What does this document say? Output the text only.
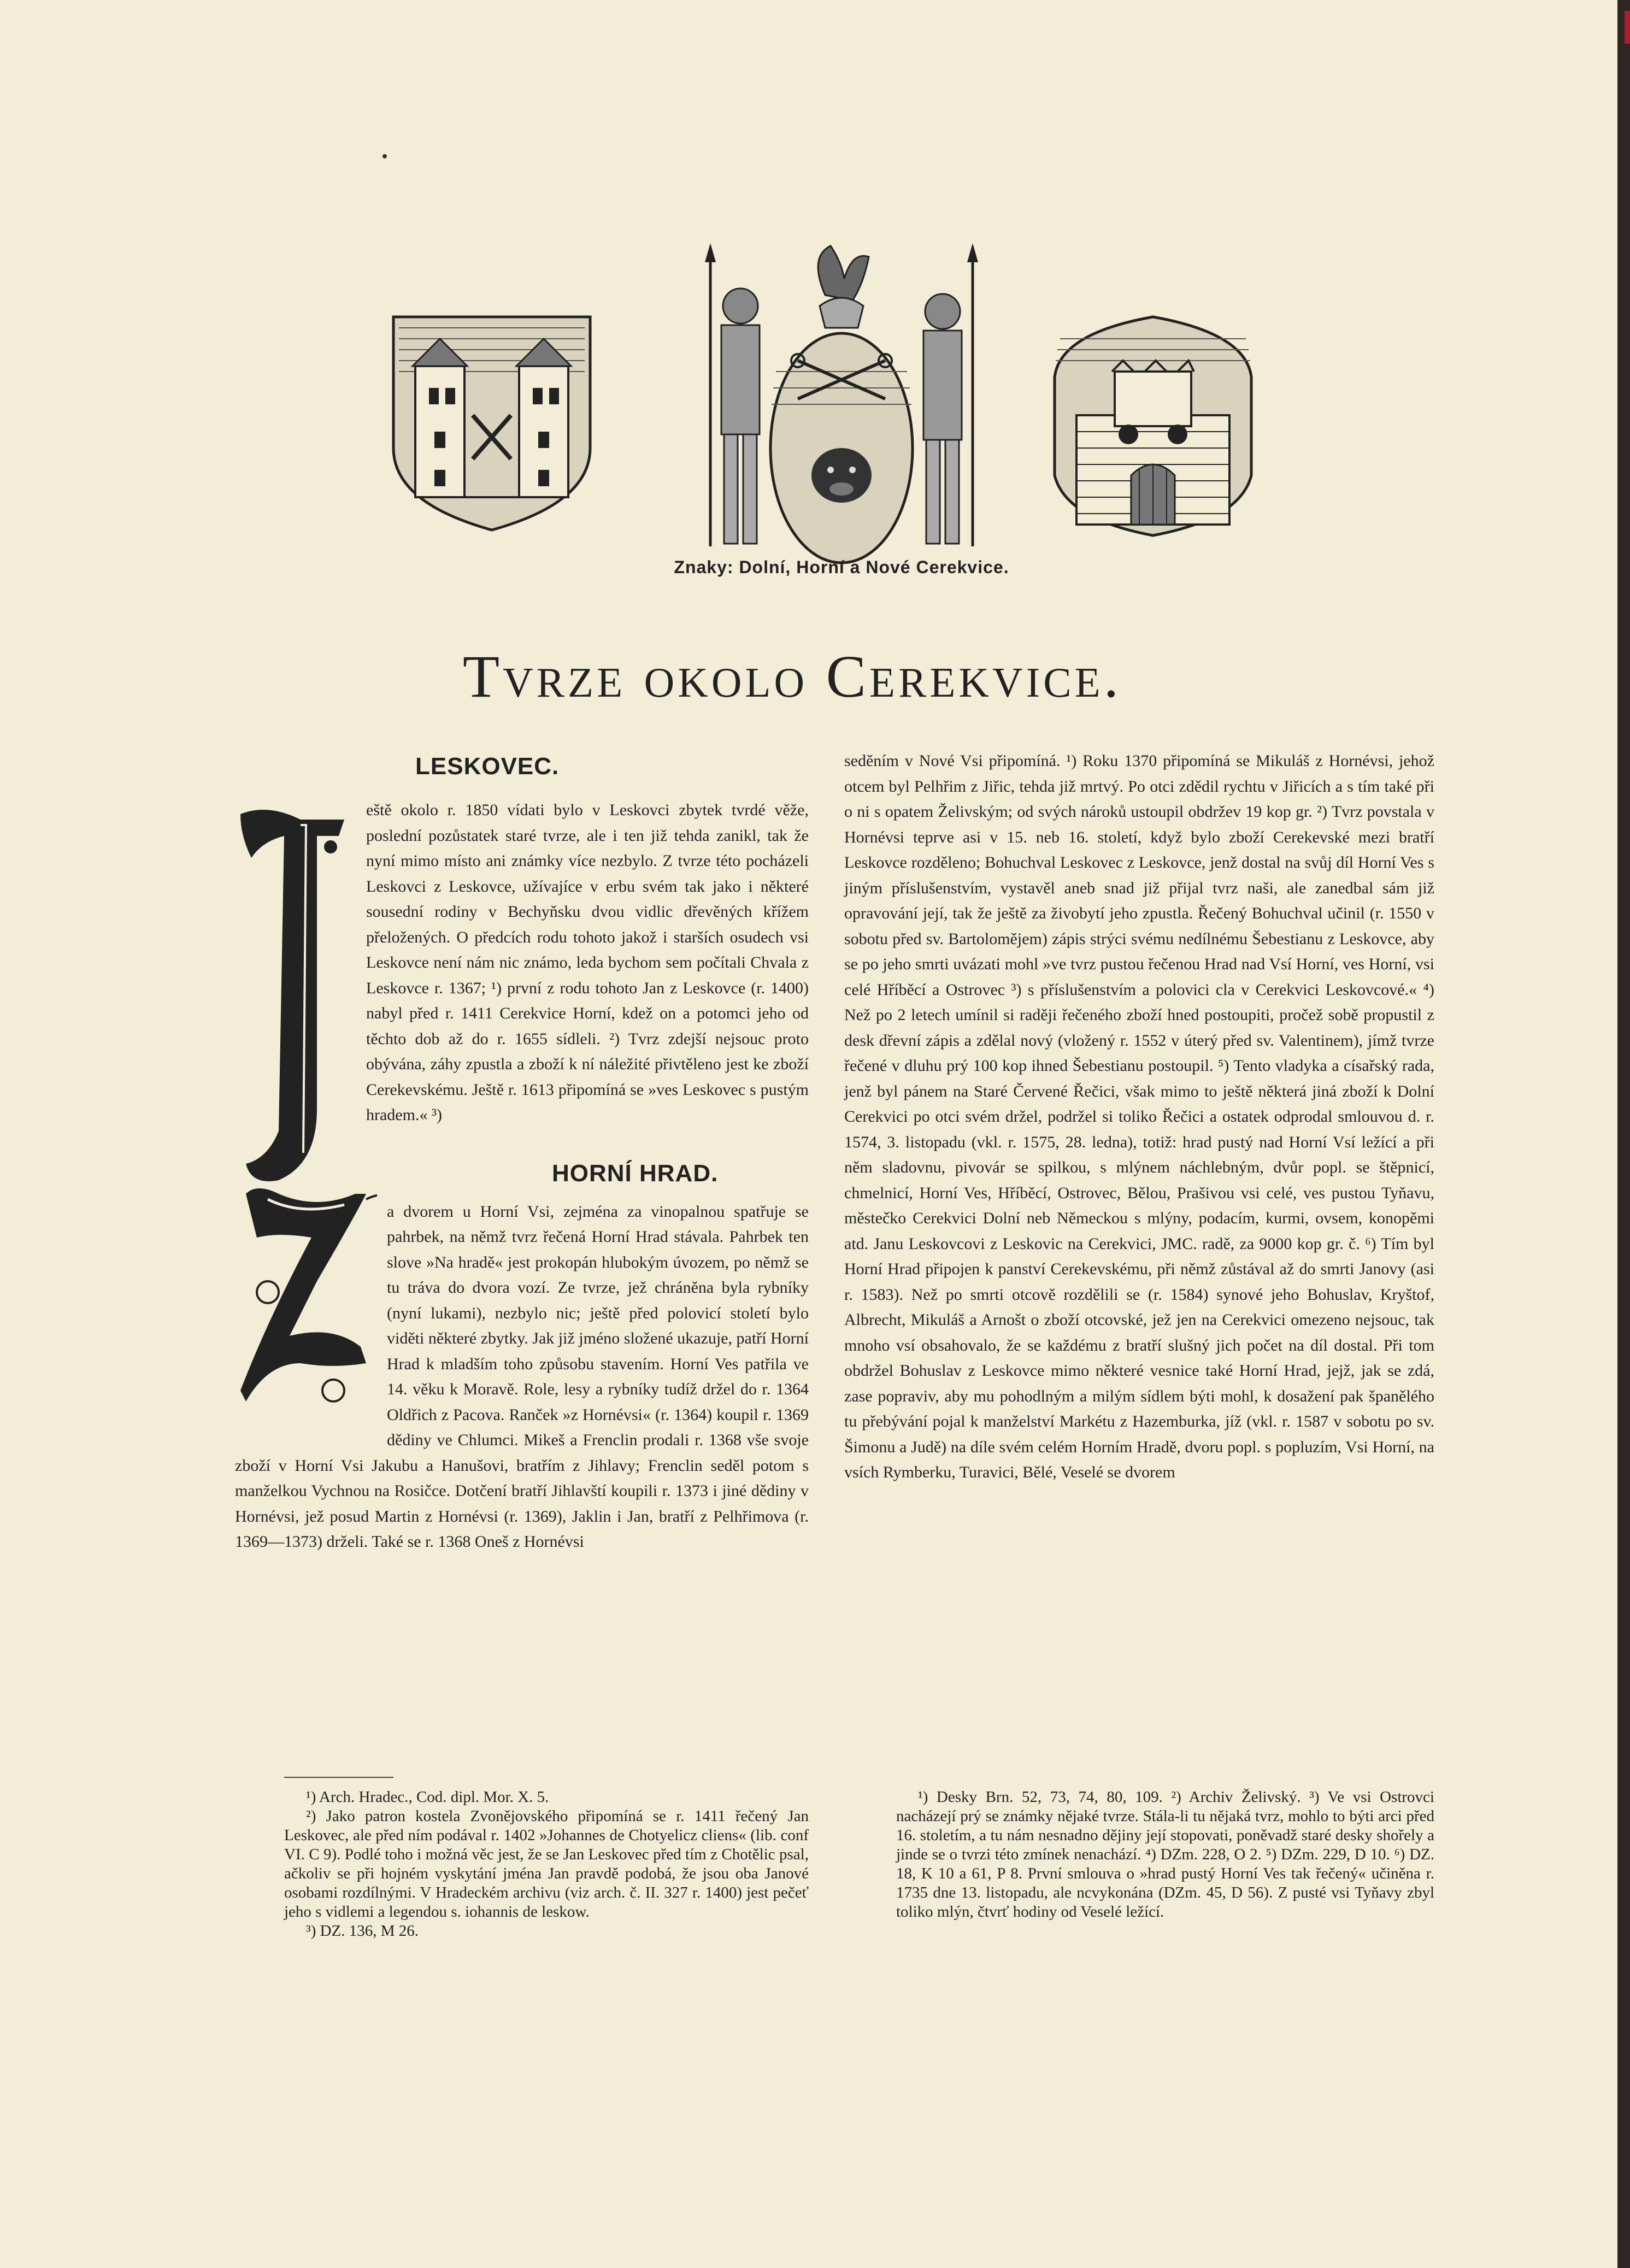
Znaky: Dolní, Horní a Nové Cerekvice.
Tvrze okolo Cerekvice.
LESKOVEC.

eště okolo r. 1850 vídati bylo v Leskovci zbytek tvrdé věže, poslední pozůstatek staré tvrze, ale i ten již tehda zanikl, tak že nyní mimo místo ani známky více nezbylo. Z tvrze této pocházeli Leskovci z Leskovce, užívajíce v erbu svém tak jako i některé sousední rodiny v Bechyňsku dvou vidlic dřevěných křížem přeložených. O předcích rodu tohoto jakož i starších osudech vsi Leskovce není nám nic známo, leda bychom sem počítali Chvala z Leskovce r. 1367; ¹) první z rodu tohoto Jan z Leskovce (r. 1400) nabyl před r. 1411 Cerekvice Horní, kdež on a potomci jeho od těchto dob až do r. 1655 sídleli. ²) Tvrz zdejší nejsouc proto obývána, záhy zpustla a zboží k ní náležité přivtěleno jest ke zboží Cerekevskému. Ještě r. 1613 připomíná se »ves Leskovec s pustým hradem.« ³)

HORNÍ HRAD.

a dvorem u Horní Vsi, zejména za vinopalnou spatřuje se pahrbek, na němž tvrz řečená Horní Hrad stávala. Pahrbek ten slove »Na hradě« jest prokopán hlubokým úvozem, po němž se tu tráva do dvora vozí. Ze tvrze, jež chráněna byla rybníky (nyní lukami), nezbylo nic; ještě před polovicí století bylo viděti některé zbytky. Jak již jméno složené ukazuje, patří Horní Hrad k mladším toho způsobu stavením. Horní Ves patřila ve 14. věku k Moravě. Role, lesy a rybníky tudíž držel do r. 1364 Oldřich z Pacova. Ranček »z Hornévsi« (r. 1364) koupil r. 1369 dědiny ve Chlumci. Mikeš a Frenclin prodali r. 1368 vše svoje zboží v Horní Vsi Jakubu a Hanušovi, bratřím z Jihlavy; Frenclin seděl potom s manželkou Vychnou na Rosičce. Dotčení bratří Jihlavští koupili r. 1373 i jiné dědiny v Hornévsi, jež posud Martin z Hornévsi (r. 1369), Jaklin i Jan, bratří z Pelhřimova (r. 1369—1373) drželi. Také se r. 1368 Oneš z Hornévsi

seděním v Nové Vsi připomíná. ¹) Roku 1370 připomíná se Mikuláš z Hornévsi, jehož otcem byl Pelhřim z Jiřic, tehda již mrtvý. Po otci zdědil rychtu v Jiřicích a s tím také při o ni s opatem Želivským; od svých nároků ustoupil obdržev 19 kop gr. ²) Tvrz povstala v Hornévsi teprve asi v 15. neb 16. století, když bylo zboží Cerekevské mezi bratří Leskovce rozděleno; Bohuchval Leskovec z Leskovce, jenž dostal na svůj díl Horní Ves s jiným příslušenstvím, vystavěl aneb snad již přijal tvrz naši, ale zanedbal sám již opravování její, tak že ještě za živobytí jeho zpustla. Řečený Bohuchval učinil (r. 1550 v sobotu před sv. Bartolomějem) zápis strýci svému nedílnému Šebestianu z Leskovce, aby se po jeho smrti uvázati mohl »ve tvrz pustou řečenou Hrad nad Vsí Horní, ves Horní, vsi celé Hříběcí a Ostrovec ³) s příslušenstvím a polovici cla v Cerekvici Leskovcové.« ⁴) Než po 2 letech umínil si raději řečeného zboží hned postoupiti, pročež sobě propustil z desk dřevní zápis a zdělal nový (vložený r. 1552 v úterý před sv. Valentinem), jímž tvrze řečené v dluhu prý 100 kop ihned Šebestianu postoupil. ⁵) Tento vladyka a císařský rada, jenž byl pánem na Staré Červené Řečici, však mimo to ještě některá jiná zboží k Dolní Cerekvici po otci svém držel, podržel si toliko Řečici a ostatek odprodal smlouvou d. r. 1574, 3. listopadu (vkl. r. 1575, 28. ledna), totiž: hrad pustý nad Horní Vsí ležící a při něm sladovnu, pivovár se spilkou, s mlýnem náchlebným, dvůr popl. se štěpnicí, chmelnicí, Horní Ves, Hříběcí, Ostrovec, Bělou, Prašivou vsi celé, ves pustou Tyňavu, městečko Cerekvici Dolní neb Německou s mlýny, podacím, kurmi, ovsem, konopěmi atd. Janu Leskovcovi z Leskovic na Cerekvici, JMC. radě, za 9000 kop gr. č. ⁶) Tím byl Horní Hrad připojen k panství Cerekevskému, při němž zůstával až do smrti Janovy (asi r. 1583). Než po smrti otcově rozdělili se (r. 1584) synové jeho Bohuslav, Kryštof, Albrecht, Mikuláš a Arnošt o zboží otcovské, jež jen na Cerekvici omezeno nejsouc, tak mnoho vsí obsahovalo, že se každému z bratří slušný jich počet na díl dostal. Při tom obdržel Bohuslav z Leskovce mimo některé vesnice také Horní Hrad, jejž, jak se zdá, zase popraviv, aby mu pohodlným a milým sídlem býti mohl, k dosažení pak španělého tu přebývání pojal k manželství Markétu z Hazemburka, jíž (vkl. r. 1587 v sobotu po sv. Šimonu a Judě) na díle svém celém Horním Hradě, dvoru popl. s popluzím, Vsi Horní, na vsích Rymberku, Turavici, Bělé, Veselé se dvorem

¹) Arch. Hradec., Cod. dipl. Mor. X. 5.

²) Jako patron kostela Zvonějovského připomíná se r. 1411 řečený Jan Leskovec, ale před ním podával r. 1402 »Johannes de Chotyelicz cliens« (lib. conf VI. C 9). Podlé toho i možná věc jest, že se Jan Leskovec před tím z Chotělic psal, ačkoliv se při hojném vyskytání jména Jan pravdě podobá, že jsou oba Janové osobami rozdílnými. V Hradeckém archivu (viz arch. č. II. 327 r. 1400) jest pečeť jeho s vidlemi a legendou s. iohannis de leskow.

³) DZ. 136, M 26.

¹) Desky Brn. 52, 73, 74, 80, 109. ²) Archiv Želivský. ³) Ve vsi Ostrovci nacházejí prý se známky nějaké tvrze. Stála-li tu nějaká tvrz, mohlo to býti arci před 16. stoletím, a tu nám nesnadno dějiny její stopovati, poněvadž staré desky shořely a jinde se o tvrzi této zmínek nenachází. ⁴) DZm. 228, O 2. ⁵) DZm. 229, D 10. ⁶) DZ. 18, K 10 a 61, P 8. První smlouva o »hrad pustý Horní Ves tak řečený« učiněna r. 1735 dne 13. listopadu, ale ncvykonána (DZm. 45, D 56). Z pusté vsi Tyňavy zbyl toliko mlýn, čtvrť hodiny od Veselé ležící.
